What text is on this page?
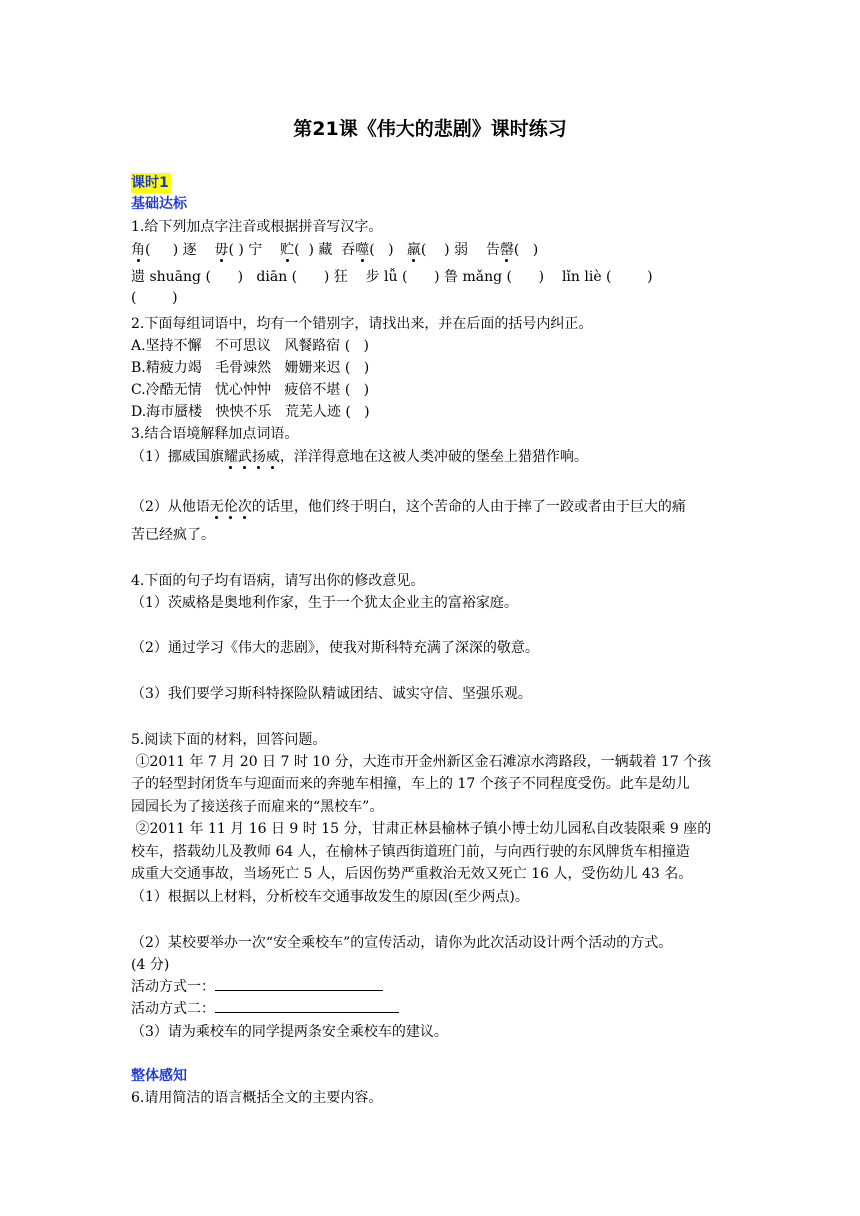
第21课《伟大的悲剧》课时练习
课时1
基础达标
1.给下列加点字注音或根据拼音写汉字。
角(     ) 逐 毋( ) 宁 贮(  ) 藏 吞噬(   ) 羸(    ) 弱 告罄(   )
遗 shuāng (      )   diān (      ) 狂    步 lǚ (      ) 鲁 mǎng (      )    lǐn liè (        )
(        )
2.下面每组词语中，均有一个错别字，请找出来，并在后面的括号内纠正。
A.坚持不懈   不可思议   风餐路宿 (   )
B.精疲力竭   毛骨竦然   姗姗来迟 (   )
C.冷酷无情   忧心忡忡   疲倍不堪 (   )
D.海市蜃楼   怏怏不乐   荒芜人迹 (   )
3.结合语境解释加点词语。
（1）挪威国旗耀武扬威，洋洋得意地在这被人类冲破的堡垒上猎猎作响。
（2）从他语无伦次的话里，他们终于明白，这个苦命的人由于摔了一跤或者由于巨大的痛
苦已经疯了。
4.下面的句子均有语病，请写出你的修改意见。
（1）茨威格是奥地利作家，生于一个犹太企业主的富裕家庭。
（2）通过学习《伟大的悲剧》，使我对斯科特充满了深深的敬意。
（3）我们要学习斯科特探险队精诚团结、诚实守信、坚强乐观。
5.阅读下面的材料，回答问题。
①2011 年 7 月 20 日 7 时 10 分，大连市开金州新区金石滩凉水湾路段，一辆载着 17 个孩
子的轻型封闭货车与迎面而来的奔驰车相撞，车上的 17 个孩子不同程度受伤。此车是幼儿
园园长为了接送孩子而雇来的“黑校车”。
②2011 年 11 月 16 日 9 时 15 分，甘肃正林县榆林子镇小博士幼儿园私自改装限乘 9 座的
校车，搭载幼儿及教师 64 人，在榆林子镇西街道班门前，与向西行驶的东风牌货车相撞造
成重大交通事故，当场死亡 5 人，后因伤势严重救治无效又死亡 16 人，受伤幼儿 43 名。
（1）根据以上材料，分析校车交通事故发生的原因(至少两点)。
（2）某校要举办一次“安全乘校车”的宣传活动，请你为此次活动设计两个活动的方式。
(4 分)
活动方式一：
活动方式二：
（3）请为乘校车的同学提两条安全乘校车的建议。
整体感知
6.请用简洁的语言概括全文的主要内容。
